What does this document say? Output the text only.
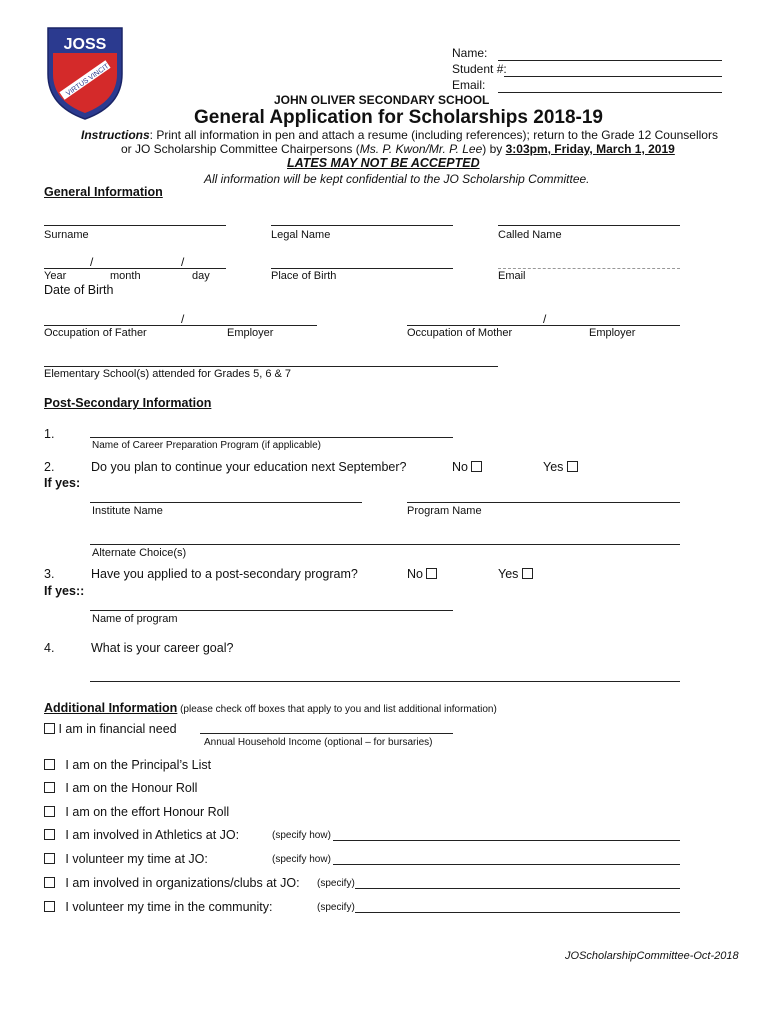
JOSS
VIRTUS VINCIT
Name:
Student #:
Email:
JOHN OLIVER SECONDARY SCHOOL
General Application for Scholarships 2018-19
Instructions: Print all information in pen and attach a resume (including references); return to the Grade 12 Counsellors
or JO Scholarship Committee Chairpersons (Ms. P. Kwon/Mr. P. Lee) by 3:03pm, Friday, March 1, 2019
LATES MAY NOT BE ACCEPTED
All information will be kept confidential to the JO Scholarship Committee.
General Information
Surname	Legal Name	Called Name
/	/
Year	month	day	Place of Birth	Email
Date of Birth
/	/
Occupation of Father	Employer	Occupation of Mother	Employer
Elementary School(s) attended for Grades 5, 6 & 7
Post-Secondary Information
1.
Name of Career Preparation Program (if applicable)
2.	Do you plan to continue your education next September?	No	Yes
If yes:
Institute Name	Program Name
Alternate Choice(s)
3.	Have you applied to a post-secondary program?	No	Yes
If yes::
Name of program
4.	What is your career goal?
Additional Information (please check off boxes that apply to you and list additional information)
I am in financial need
Annual Household Income (optional – for bursaries)
I am on the Principal’s List
I am on the Honour Roll
I am on the effort Honour Roll
I am involved in Athletics at JO:	(specify how)
I volunteer my time at JO:	(specify how)
I am involved in organizations/clubs at JO: (specify)
I volunteer my time in the community:	(specify)
JOScholarshipCommittee-Oct-2018
